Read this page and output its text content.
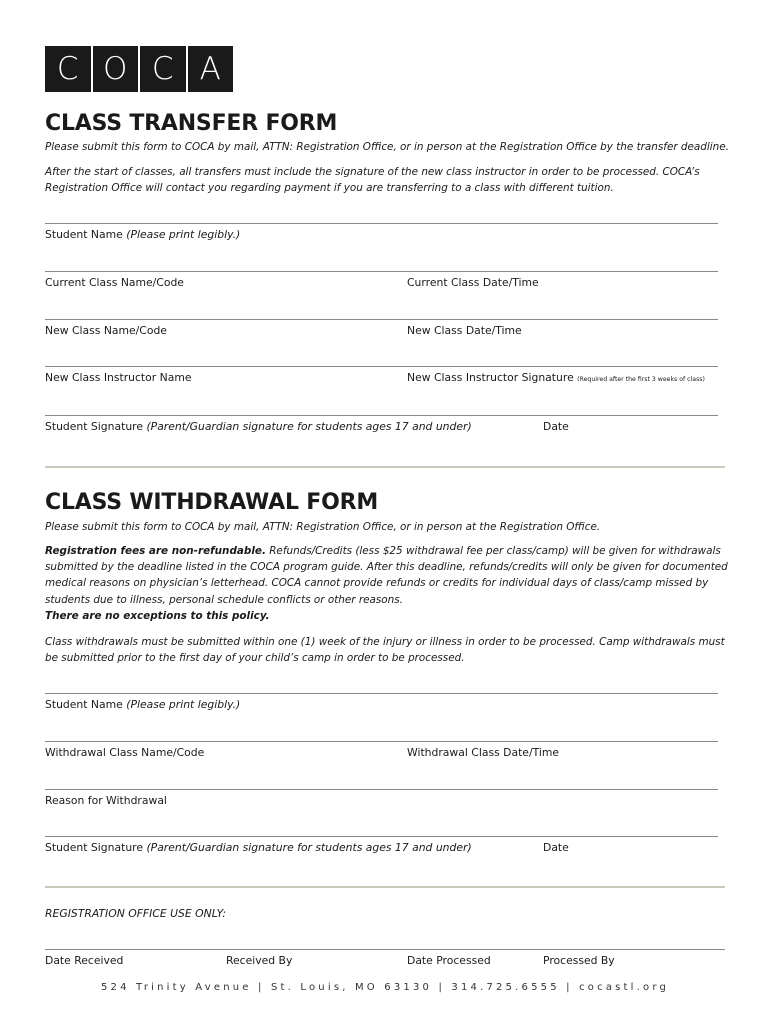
C O C A
CLASS TRANSFER FORM
Please submit this form to COCA by mail, ATTN: Registration Office, or in person at the Registration Office by the transfer deadline.
After the start of classes, all transfers must include the signature of the new class instructor in order to be processed. COCA’s Registration Office will contact you regarding payment if you are transferring to a class with different tuition.
Student Name (Please print legibly.)
Current Class Name/Code	Current Class Date/Time
New Class Name/Code	New Class Date/Time
New Class Instructor Name	New Class Instructor Signature (Required after the first 3 weeks of class)
Student Signature (Parent/Guardian signature for students ages 17 and under)	Date
CLASS WITHDRAWAL FORM
Please submit this form to COCA by mail, ATTN: Registration Office, or in person at the Registration Office.
Registration fees are non-refundable. Refunds/Credits (less $25 withdrawal fee per class/camp) will be given for withdrawals submitted by the deadline listed in the COCA program guide. After this deadline, refunds/credits will only be given for documented medical reasons on physician’s letterhead. COCA cannot provide refunds or credits for individual days of class/camp missed by students due to illness, personal schedule conflicts or other reasons.
There are no exceptions to this policy.
Class withdrawals must be submitted within one (1) week of the injury or illness in order to be processed. Camp withdrawals must be submitted prior to the first day of your child’s camp in order to be processed.
Student Name (Please print legibly.)
Withdrawal Class Name/Code	Withdrawal Class Date/Time
Reason for Withdrawal
Student Signature (Parent/Guardian signature for students ages 17 and under)	Date
REGISTRATION OFFICE USE ONLY:
Date Received	Received By	Date Processed	Processed By
524 Trinity Avenue | St. Louis, MO 63130 | 314.725.6555 | cocastl.org
